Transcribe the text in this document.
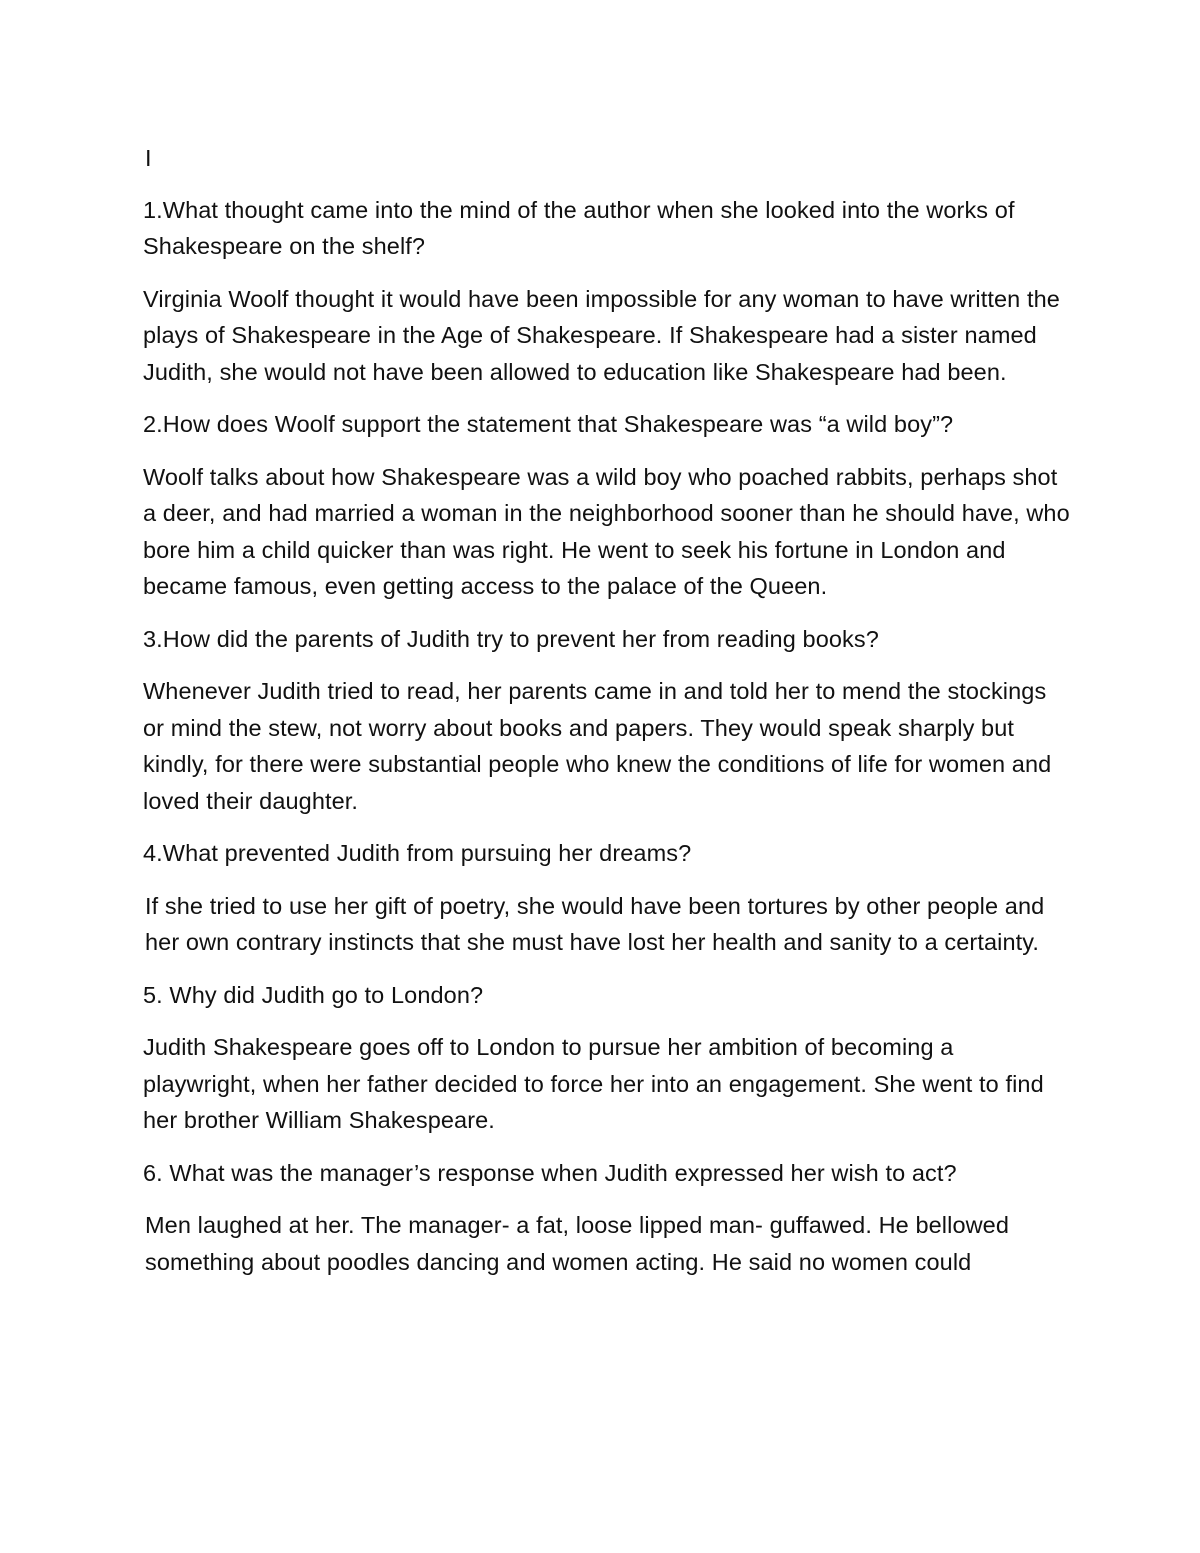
I
1.What thought came into the mind of the author when she looked into the works of Shakespeare on the shelf?
Virginia Woolf thought it would have been impossible for any woman to have written the plays of Shakespeare in the Age of Shakespeare. If Shakespeare had a sister named Judith, she would not have been allowed to education like Shakespeare had been.
2.How does Woolf support the statement that Shakespeare was “a wild boy”?
Woolf talks about how Shakespeare was a wild boy who poached rabbits, perhaps shot a deer, and had married a woman in the neighborhood sooner than he should have, who bore him a child quicker than was right. He went to seek his fortune in London and became famous, even getting access to the palace of the Queen.
3.How did the parents of Judith try to prevent her from reading books?
Whenever Judith tried to read, her parents came in and told her to mend the stockings or mind the stew, not worry about books and papers. They would speak sharply but kindly, for there were substantial people who knew the conditions of life for women and loved their daughter.
4.What prevented Judith from pursuing her dreams?
If she tried to use her gift of poetry, she would have been tortures by other people and her own contrary instincts that she must have lost her health and sanity to a certainty.
5. Why did Judith go to London?
Judith Shakespeare goes off to London to pursue her ambition of becoming a playwright, when her father decided to force her into an engagement. She went to find her brother William Shakespeare.
6. What was the manager’s response when Judith expressed her wish to act?
Men laughed at her. The manager- a fat, loose lipped man- guffawed. He bellowed something about poodles dancing and women acting. He said no women could
